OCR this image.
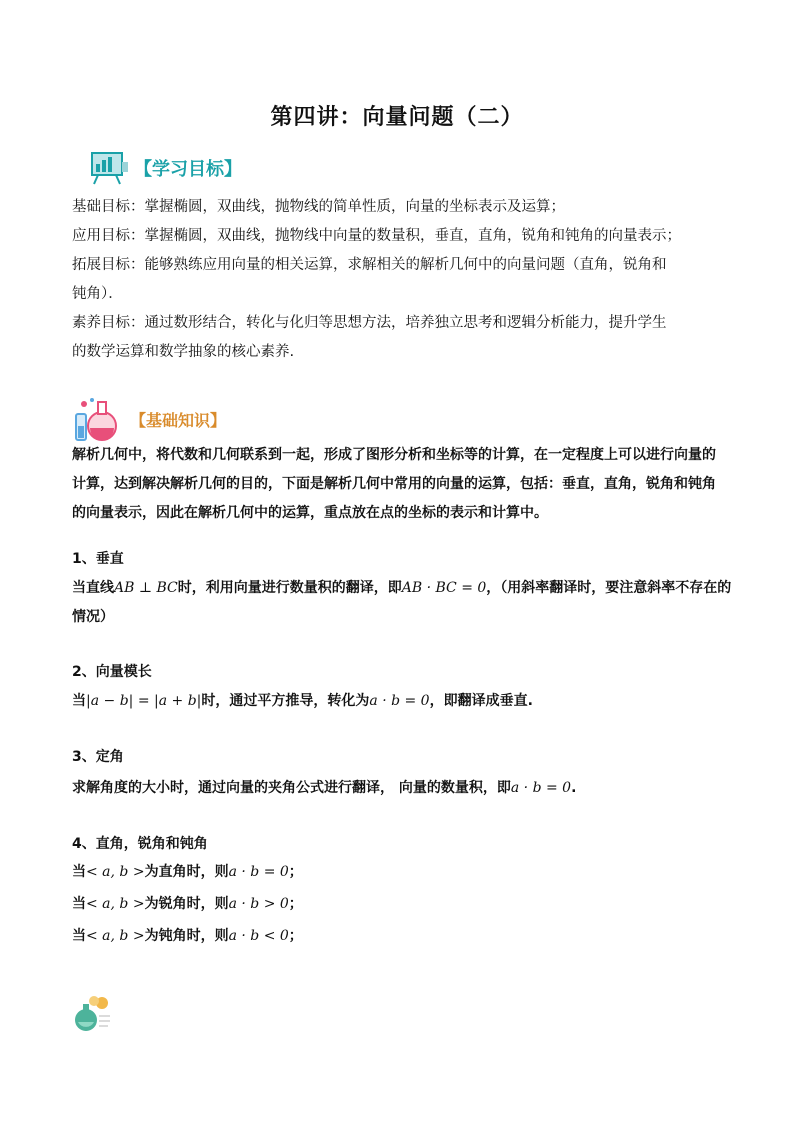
第四讲：向量问题（二）
【学习目标】
基础目标：掌握椭圆，双曲线，抛物线的简单性质，向量的坐标表示及运算；
应用目标：掌握椭圆，双曲线，抛物线中向量的数量积，垂直，直角，锐角和钝角的向量表示；
拓展目标：能够熟练应用向量的相关运算，求解相关的解析几何中的向量问题（直角，锐角和
钝角）．
素养目标：通过数形结合，转化与化归等思想方法，培养独立思考和逻辑分析能力，提升学生
的数学运算和数学抽象的核心素养.
【基础知识】
解析几何中，将代数和几何联系到一起，形成了图形分析和坐标等的计算，在一定程度上可以进行向量的
计算，达到解决解析几何的目的，下面是解析几何中常用的向量的运算，包括：垂直，直角，锐角和钝角
的向量表示，因此在解析几何中的运算，重点放在点的坐标的表示和计算中。
1、垂直
当直线AB ⊥ BC时，利用向量进行数量积的翻译，即AB · BC = 0，（用斜率翻译时，要注意斜率不存在的
情况）
2、向量模长
当|a − b| = |a + b|时，通过平方推导，转化为a · b = 0，即翻译成垂直.
3、定角
求解角度的大小时，通过向量的夹角公式进行翻译， 向量的数量积，即a · b = 0.
4、直角，锐角和钝角
当< a, b >为直角时，则a · b = 0；
当< a, b >为锐角时，则a · b > 0；
当< a, b >为钝角时，则a · b < 0；
